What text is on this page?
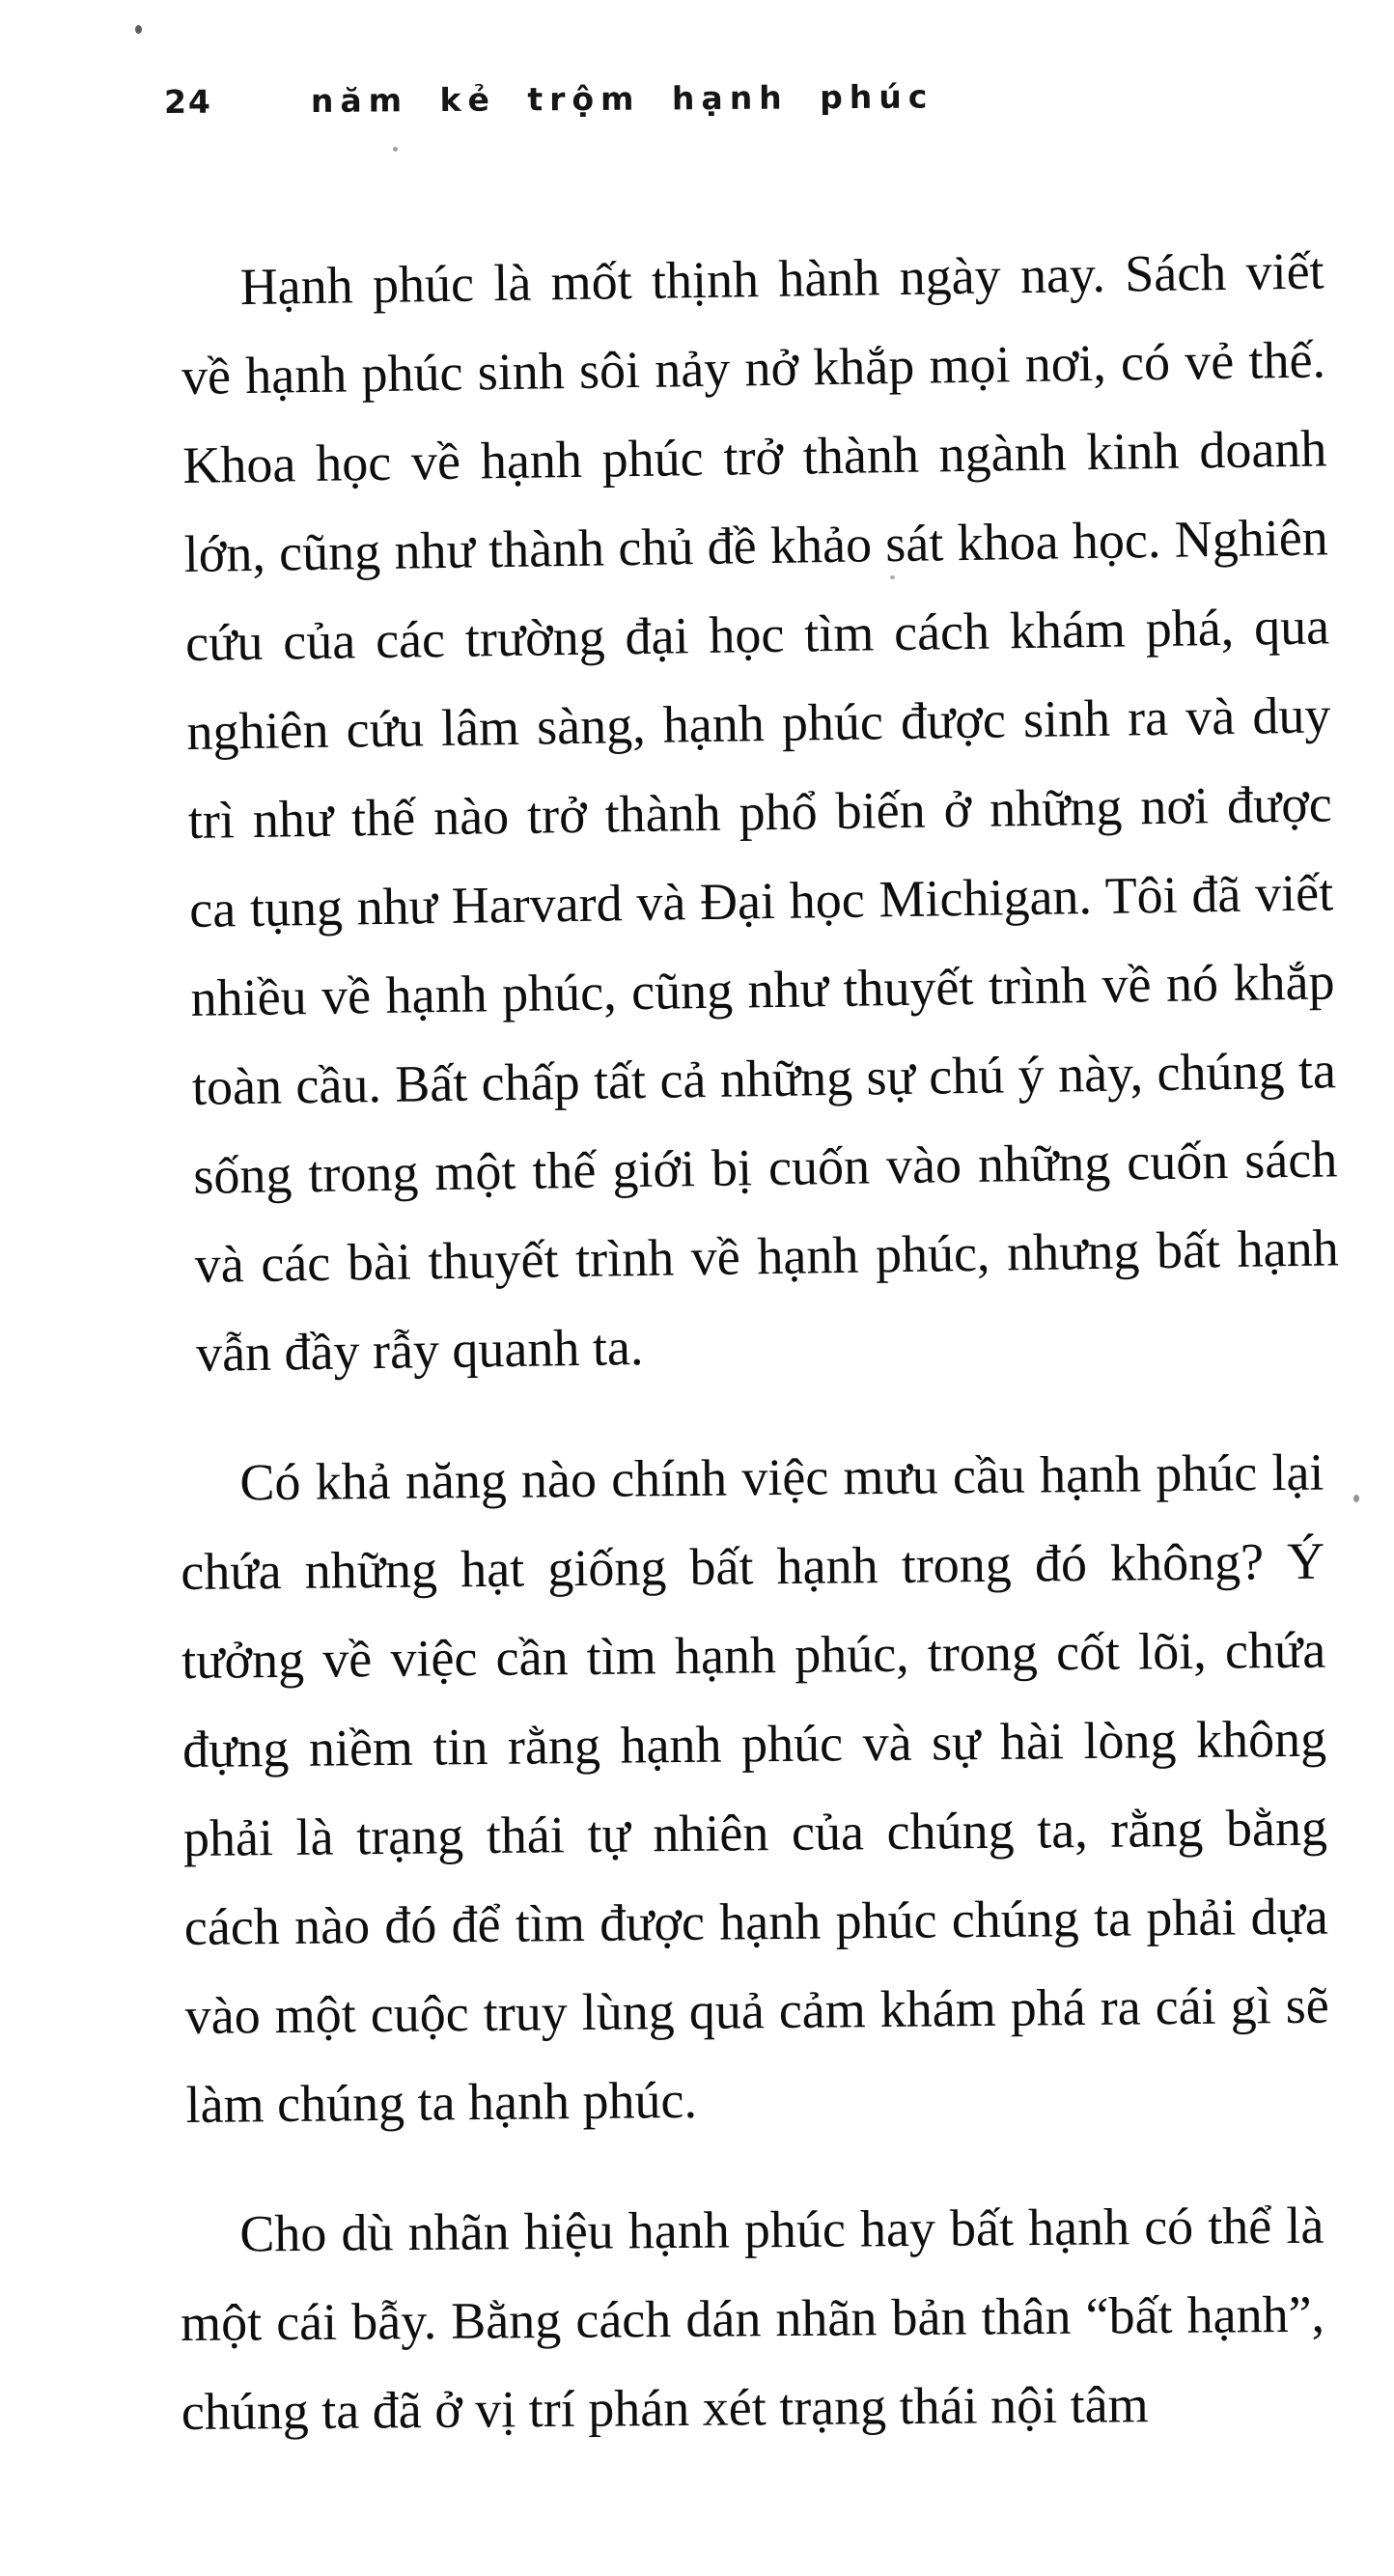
24	năm kẻ trộm hạnh phúc

Hạnh phúc là mốt thịnh hành ngày nay. Sách viết về hạnh phúc sinh sôi nảy nở khắp mọi nơi, có vẻ thế. Khoa học về hạnh phúc trở thành ngành kinh doanh lớn, cũng như thành chủ đề khảo sát khoa học. Nghiên cứu của các trường đại học tìm cách khám phá, qua nghiên cứu lâm sàng, hạnh phúc được sinh ra và duy trì như thế nào trở thành phổ biến ở những nơi được ca tụng như Harvard và Đại học Michigan. Tôi đã viết nhiều về hạnh phúc, cũng như thuyết trình về nó khắp toàn cầu. Bất chấp tất cả những sự chú ý này, chúng ta sống trong một thế giới bị cuốn vào những cuốn sách và các bài thuyết trình về hạnh phúc, nhưng bất hạnh vẫn đầy rẫy quanh ta.

Có khả năng nào chính việc mưu cầu hạnh phúc lại chứa những hạt giống bất hạnh trong đó không? Ý tưởng về việc cần tìm hạnh phúc, trong cốt lõi, chứa đựng niềm tin rằng hạnh phúc và sự hài lòng không phải là trạng thái tự nhiên của chúng ta, rằng bằng cách nào đó để tìm được hạnh phúc chúng ta phải dựa vào một cuộc truy lùng quả cảm khám phá ra cái gì sẽ làm chúng ta hạnh phúc.

Cho dù nhãn hiệu hạnh phúc hay bất hạnh có thể là một cái bẫy. Bằng cách dán nhãn bản thân “bất hạnh”, chúng ta đã ở vị trí phán xét trạng thái nội tâm
